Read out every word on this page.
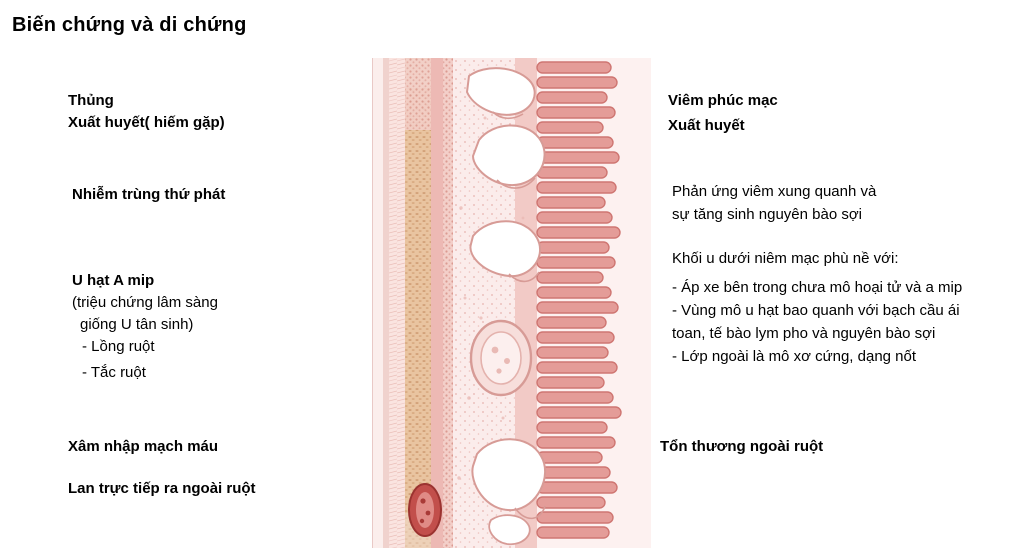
Biến chứng và di chứng
Thủng
Xuất huyết( hiếm gặp)
Nhiễm trùng thứ phát
U hạt A mip
(triệu chứng lâm sàng
giống U tân sinh)
- Lồng ruột
- Tắc ruột
Xâm nhập mạch máu
Lan trực tiếp ra ngoài ruột
Viêm phúc mạc
Xuất huyết
Phản ứng viêm xung quanh và
sự tăng sinh nguyên bào sợi
Khối u dưới niêm mạc phù nề với:
- Áp xe bên trong chưa mô hoại tử và a mip
- Vùng mô u hạt bao quanh với bạch cầu ái
toan, tế bào lym pho và nguyên bào sợi
- Lớp ngoài là mô xơ cứng, dạng nốt
Tổn thương ngoài ruột
